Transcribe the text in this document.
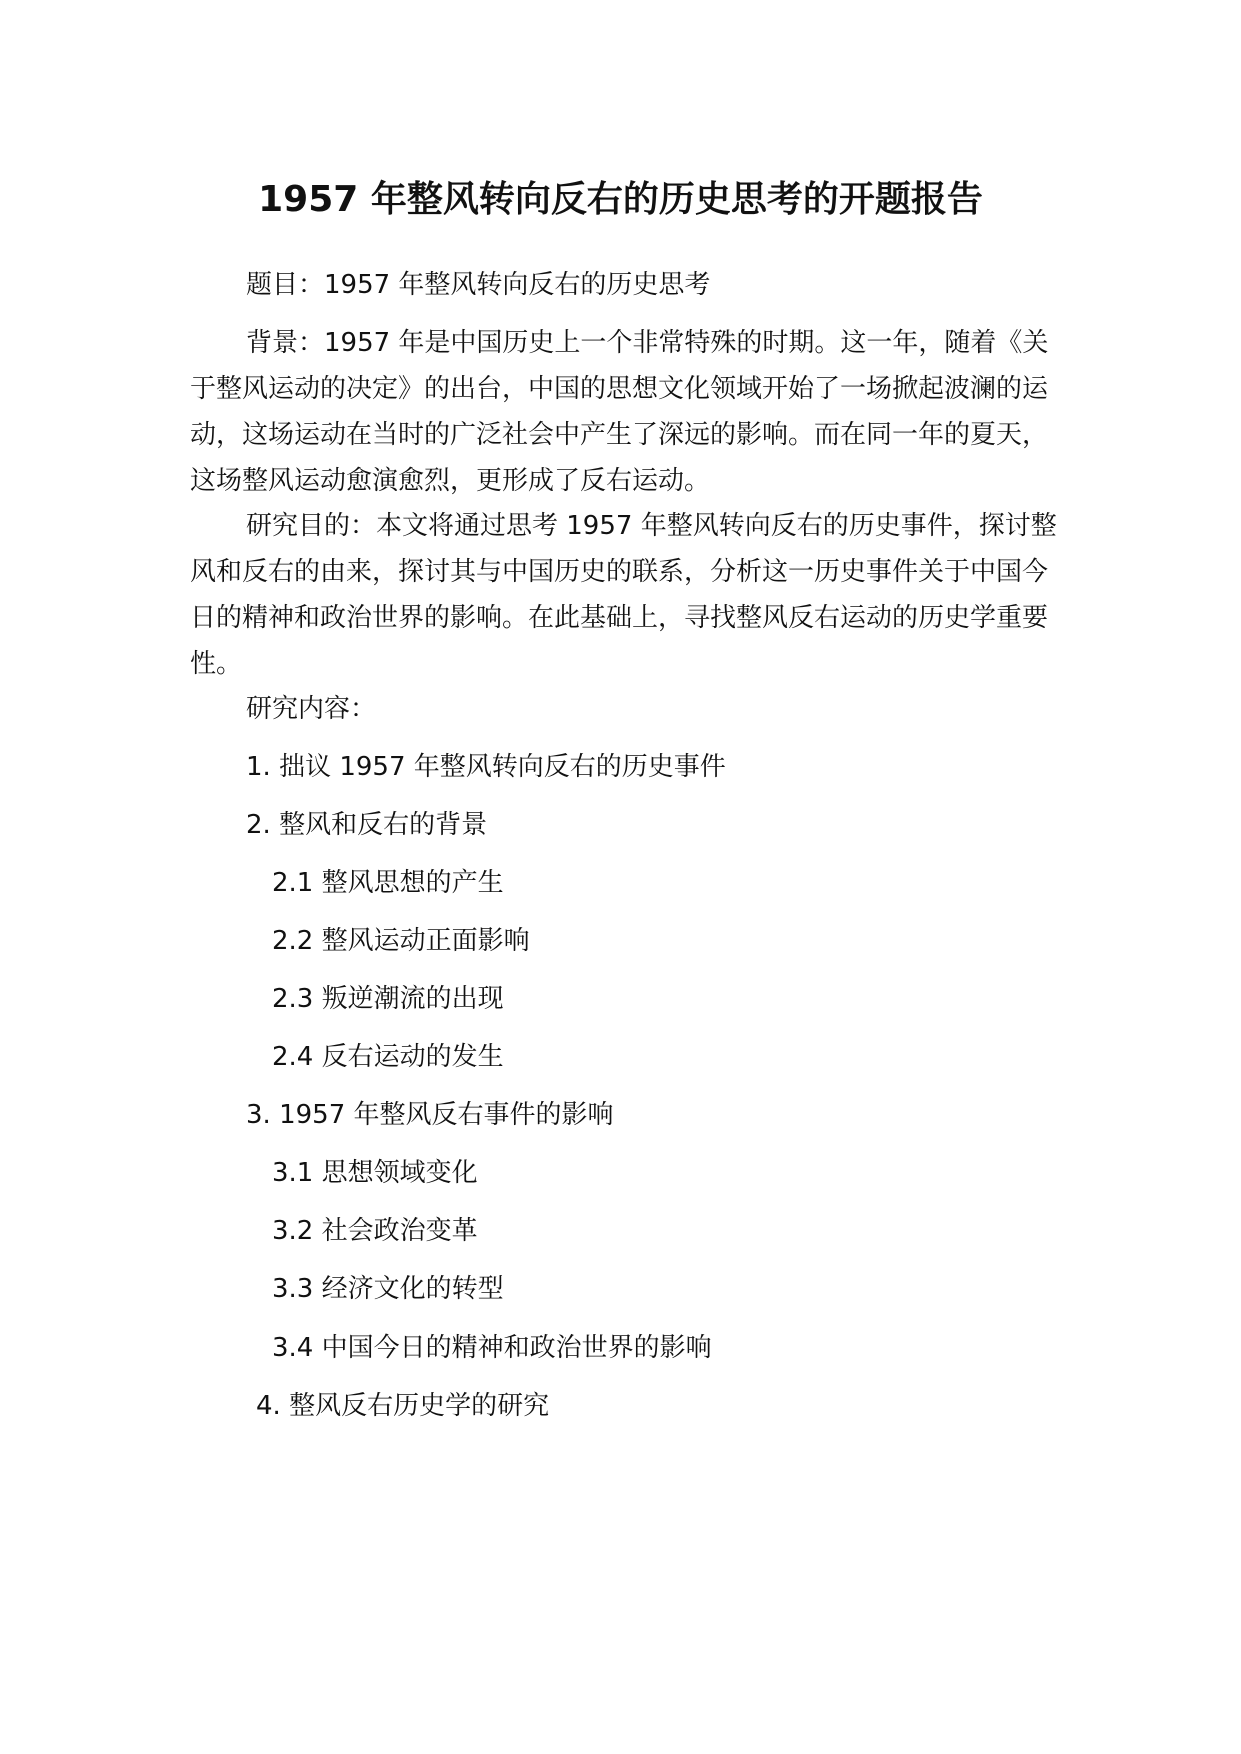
1957 年整风转向反右的历史思考的开题报告

题目：1957 年整风转向反右的历史思考

背景：1957 年是中国历史上一个非常特殊的时期。这一年，随着《关于整风运动的决定》的出台，中国的思想文化领域开始了一场掀起波澜的运动，这场运动在当时的广泛社会中产生了深远的影响。而在同一年的夏天，这场整风运动愈演愈烈，更形成了反右运动。

研究目的：本文将通过思考 1957 年整风转向反右的历史事件，探讨整风和反右的由来，探讨其与中国历史的联系，分析这一历史事件关于中国今日的精神和政治世界的影响。在此基础上，寻找整风反右运动的历史学重要性。

研究内容：

1. 拙议 1957 年整风转向反右的历史事件

2. 整风和反右的背景

2.1 整风思想的产生

2.2 整风运动正面影响

2.3 叛逆潮流的出现

2.4 反右运动的发生

3. 1957 年整风反右事件的影响

3.1 思想领域变化

3.2 社会政治变革

3.3 经济文化的转型

3.4 中国今日的精神和政治世界的影响

4. 整风反右历史学的研究
